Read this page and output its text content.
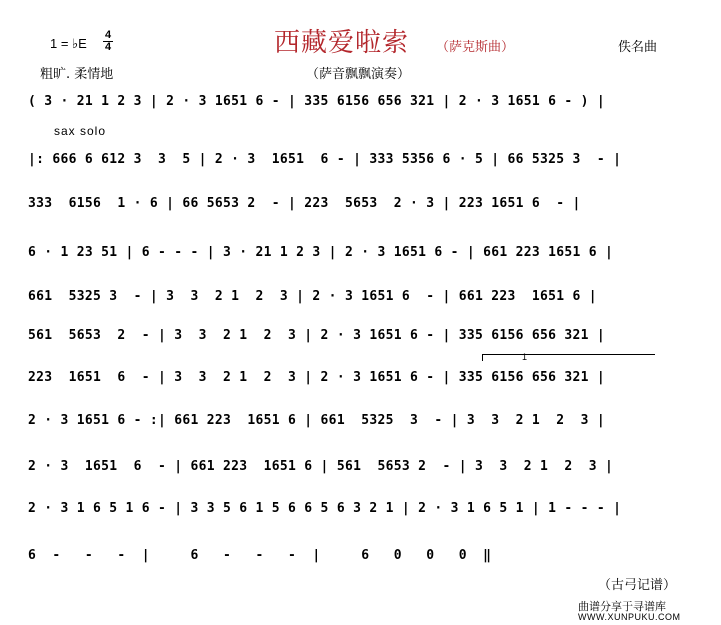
1 = ♭E
4
4	西藏爱啦索 （萨克斯曲）	佚名曲
粗旷. 柔情地	（萨音飘飘演奏）
sax solo
( 3 · 21 1 2 3 | 2 · 3 1651 6 - | 335 6156 656 321 | 2 · 3 1651 6 - ) |
|: 666 6 612 3  3  5 | 2 · 3  1651  6 - | 333 5356 6 · 5 | 66 5325 3  - |
333  6156  1 · 6 | 66 5653 2  - | 223  5653  2 · 3 | 223 1651 6  - |
6 · 1 23 51 | 6 - - - | 3 · 21 1 2 3 | 2 · 3 1651 6 - | 661 223 1651 6 |
661  5325 3  - | 3  3  2 1  2  3 | 2 · 3 1651 6  - | 661 223  1651 6 |
561  5653  2  - | 3  3  2 1  2  3 | 2 · 3 1651 6 - | 335 6156 656 321 |
1
223  1651  6  - | 3  3  2 1  2  3 | 2 · 3 1651 6 - | 335 6156 656 321 |
2 · 3 1651 6 - :| 661 223  1651 6 | 661  5325  3  - | 3  3  2 1  2  3 |
2 · 3  1651  6  - | 661 223  1651 6 | 561  5653 2  - | 3  3  2 1  2  3 |
2 · 3 1 6 5 1 6 - | 3 3 5 6 1 5 6 6 5 6 3 2 1 | 2 · 3 1 6 5 1 | 1 - - - |
6  -   -   -  |     6   -   -   -  |     6   0   0   0  ‖
（古弓记谱）
曲谱分享于寻谱库
WWW.XUNPUKU.COM
